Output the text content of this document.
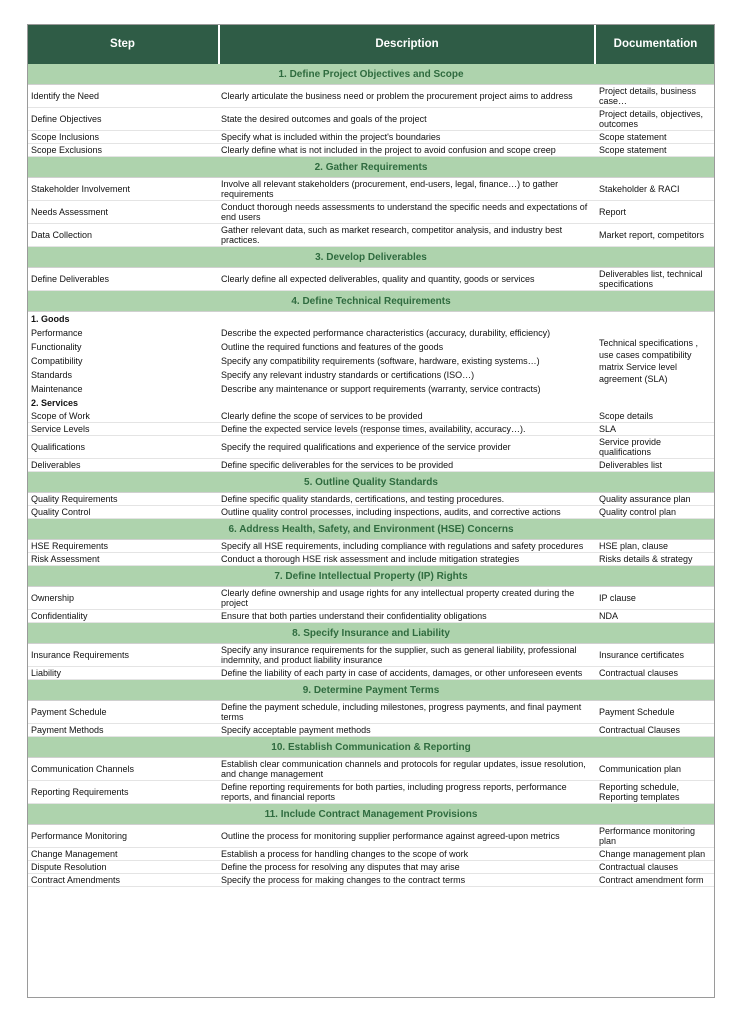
Step	Description	Documentation
1. Define Project Objectives and Scope		
Identify the Need	Clearly articulate the business need or problem the procurement project aims to address	Project details, business case…
Define Objectives	State the desired outcomes and goals of the project	Project details, objectives, outcomes
Scope Inclusions	Specify what is included within the project's boundaries	Scope statement
Scope Exclusions	Clearly define what is not included in the project to avoid confusion and scope creep	Scope statement
2. Gather Requirements		
Stakeholder Involvement	Involve all relevant stakeholders (procurement, end-users, legal, finance…) to gather requirements	Stakeholder & RACI
Needs Assessment	Conduct thorough needs assessments to understand the specific needs and expectations of end users	Report
Data Collection	Gather relevant data, such as market research, competitor analysis, and industry best practices.	Market report, competitors
3. Develop Deliverables		
Define Deliverables	Clearly define all expected deliverables, quality and quantity, goods or services	Deliverables list, technical specifications
4. Define Technical Requirements		
1. Goods		
Performance	Describe the expected performance characteristics (accuracy, durability, efficiency)	Technical specifications , use cases compatibility matrix Service level agreement (SLA)
Functionality	Outline the required functions and features of the goods	
Compatibility	Specify any compatibility requirements (software, hardware, existing systems…)	
Standards	Specify any relevant industry standards or certifications (ISO…)	
Maintenance	Describe any maintenance or support requirements (warranty, service contracts)	
2. Services		
Scope of Work	Clearly define the scope of services to be provided	Scope details
Service Levels	Define the expected service levels (response times, availability, accuracy…).	SLA
Qualifications	Specify the required qualifications and experience of the service provider	Service provide qualifications
Deliverables	Define specific deliverables for the services to be provided	Deliverables list
5. Outline Quality Standards		
Quality Requirements	Define specific quality standards, certifications, and testing procedures.	Quality assurance plan
Quality Control	Outline quality control processes, including inspections, audits, and corrective actions	Quality control plan
6. Address Health, Safety, and Environment (HSE) Concerns		
HSE Requirements	Specify all HSE requirements, including compliance with regulations and safety procedures	HSE plan, clause
Risk Assessment	Conduct a thorough HSE risk assessment and include mitigation strategies	Risks details & strategy
7. Define Intellectual Property (IP) Rights		
Ownership	Clearly define ownership and usage rights for any intellectual property created during the project	IP clause
Confidentiality	Ensure that both parties understand their confidentiality obligations	NDA
8. Specify Insurance and Liability		
Insurance Requirements	Specify any insurance requirements for the supplier, such as general liability, professional indemnity, and product liability insurance	Insurance certificates
Liability	Define the liability of each party in case of accidents, damages, or other unforeseen events	Contractual clauses
9. Determine Payment Terms		
Payment Schedule	Define the payment schedule, including milestones, progress payments, and final payment terms	Payment Schedule
Payment Methods	Specify acceptable payment methods	Contractual Clauses
10. Establish Communication & Reporting		
Communication Channels	Establish clear communication channels and protocols for regular updates, issue resolution, and change management	Communication plan
Reporting Requirements	Define reporting requirements for both parties, including progress reports, performance reports, and financial reports	Reporting schedule, Reporting templates
11. Include Contract Management Provisions		
Performance Monitoring	Outline the process for monitoring supplier performance against agreed-upon metrics	Performance monitoring plan
Change Management	Establish a process for handling changes to the scope of work	Change management plan
Dispute Resolution	Define the process for resolving any disputes that may arise	Contractual clauses
Contract Amendments	Specify the process for making changes to the contract terms	Contract amendment form
